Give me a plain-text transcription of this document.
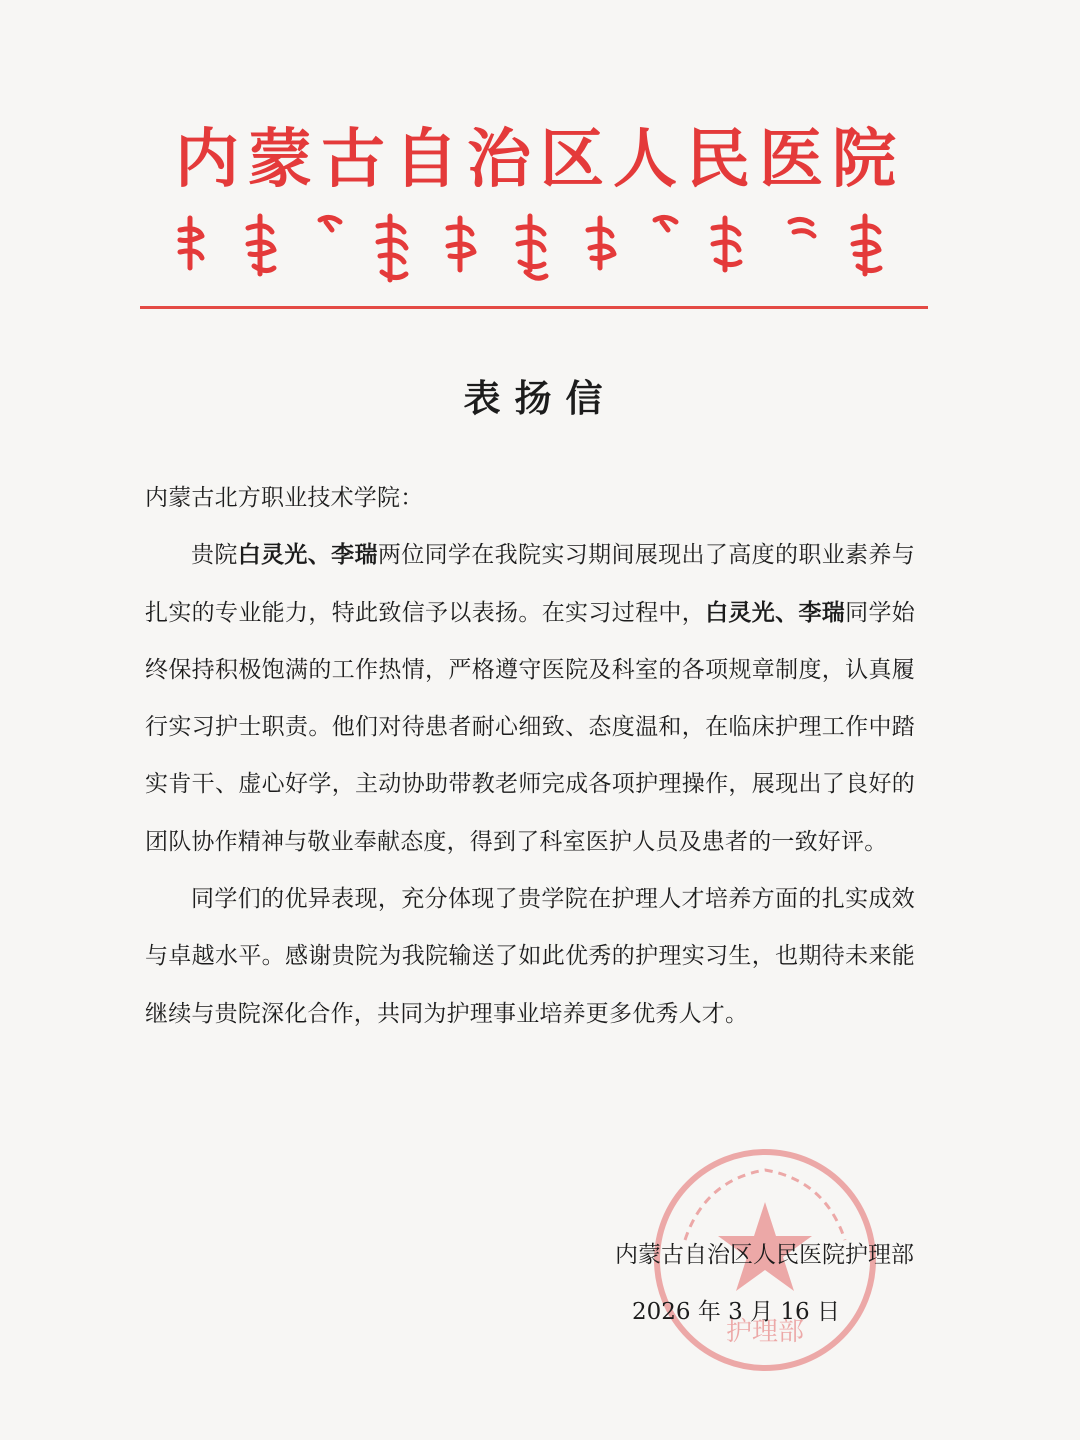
内蒙古自治区人民医院
表扬信

内蒙古北方职业技术学院：

贵院白灵光、李瑞两位同学在我院实习期间展现出了高度的职业素养与扎实的专业能力，特此致信予以表扬。在实习过程中，白灵光、李瑞同学始终保持积极饱满的工作热情，严格遵守医院及科室的各项规章制度，认真履行实习护士职责。他们对待患者耐心细致、态度温和，在临床护理工作中踏实肯干、虚心好学，主动协助带教老师完成各项护理操作，展现出了良好的团队协作精神与敬业奉献态度，得到了科室医护人员及患者的一致好评。

同学们的优异表现，充分体现了贵学院在护理人才培养方面的扎实成效与卓越水平。感谢贵院为我院输送了如此优秀的护理实习生，也期待未来能继续与贵院深化合作，共同为护理事业培养更多优秀人才。

护理部
内蒙古自治区人民医院护理部
2026 年 3 月 16 日
